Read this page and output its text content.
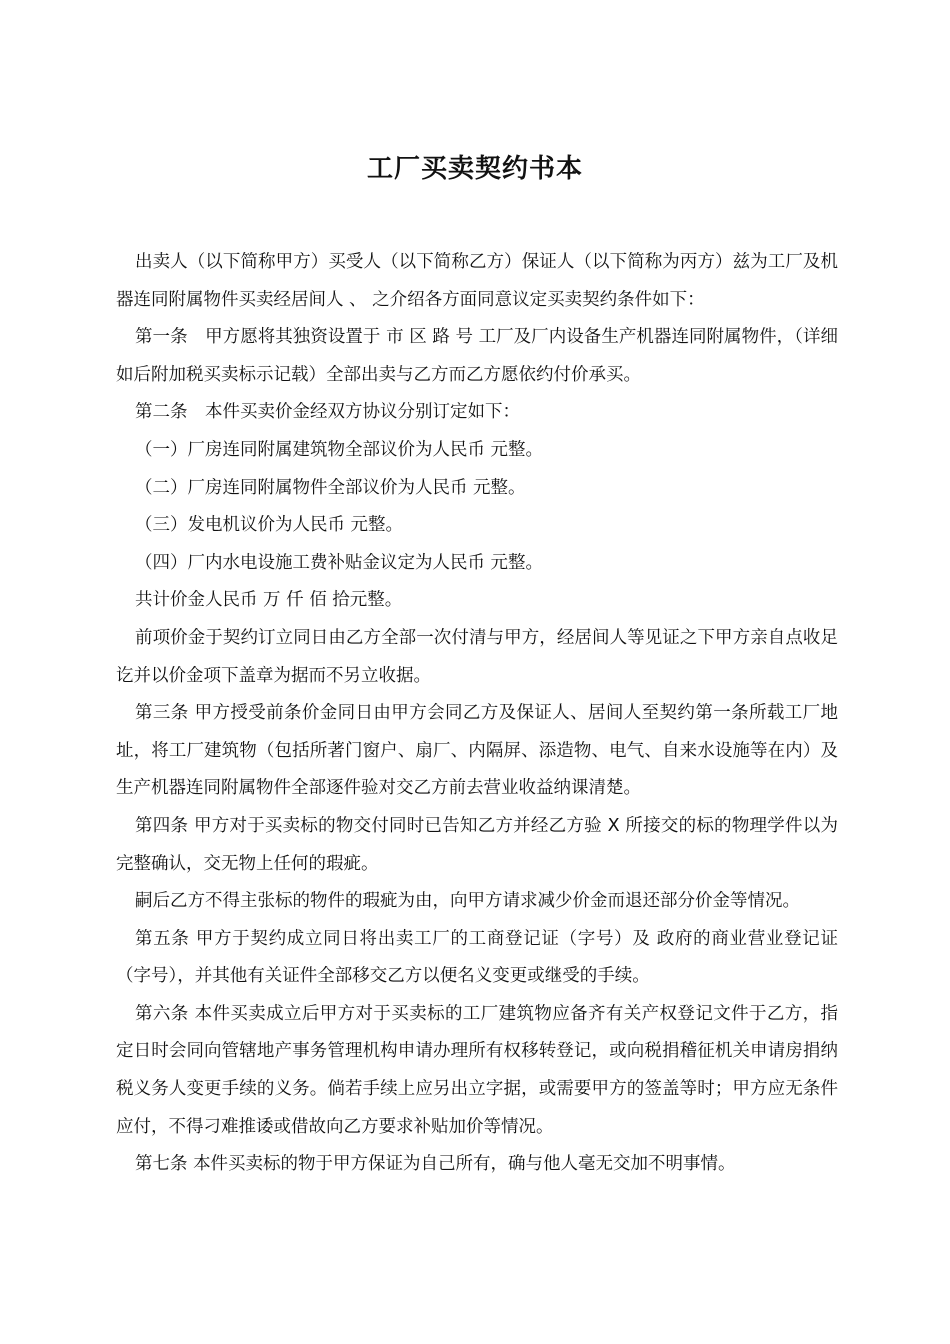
工厂买卖契约书本

出卖人（以下简称甲方）买受人（以下简称乙方）保证人（以下简称为丙方）兹为工厂及机器连同附属物件买卖经居间人 、 之介绍各方面同意议定买卖契约条件如下：

第一条　甲方愿将其独资设置于 市 区 路 号 工厂及厂内设备生产机器连同附属物件，（详细如后附加税买卖标示记载）全部出卖与乙方而乙方愿依约付价承买。

第二条　本件买卖价金经双方协议分别订定如下：

（一）厂房连同附属建筑物全部议价为人民币 元整。

（二）厂房连同附属物件全部议价为人民币 元整。

（三）发电机议价为人民币 元整。

（四）厂内水电设施工费补贴金议定为人民币 元整。

共计价金人民币 万 仟 佰 拾元整。

前项价金于契约订立同日由乙方全部一次付清与甲方，经居间人等见证之下甲方亲自点收足讫并以价金项下盖章为据而不另立收据。

第三条 甲方授受前条价金同日由甲方会同乙方及保证人、居间人至契约第一条所载工厂地址，将工厂建筑物（包括所著门窗户、扇厂、内隔屏、添造物、电气、自来水设施等在内）及生产机器连同附属物件全部逐件验对交乙方前去营业收益纳课清楚。

第四条 甲方对于买卖标的物交付同时已告知乙方并经乙方验 X 所接交的标的物理学件以为完整确认，交无物上任何的瑕疵。

嗣后乙方不得主张标的物件的瑕疵为由，向甲方请求减少价金而退还部分价金等情况。

第五条 甲方于契约成立同日将出卖工厂的工商登记证（字号）及 政府的商业营业登记证（字号），并其他有关证件全部移交乙方以便名义变更或继受的手续。

第六条 本件买卖成立后甲方对于买卖标的工厂建筑物应备齐有关产权登记文件于乙方，指定日时会同向管辖地产事务管理机构申请办理所有权移转登记，或向税捐稽征机关申请房捐纳税义务人变更手续的义务。倘若手续上应另出立字据，或需要甲方的签盖等时；甲方应无条件应付，不得刁难推诿或借故向乙方要求补贴加价等情况。

第七条 本件买卖标的物于甲方保证为自己所有，确与他人毫无交加不明事情。
